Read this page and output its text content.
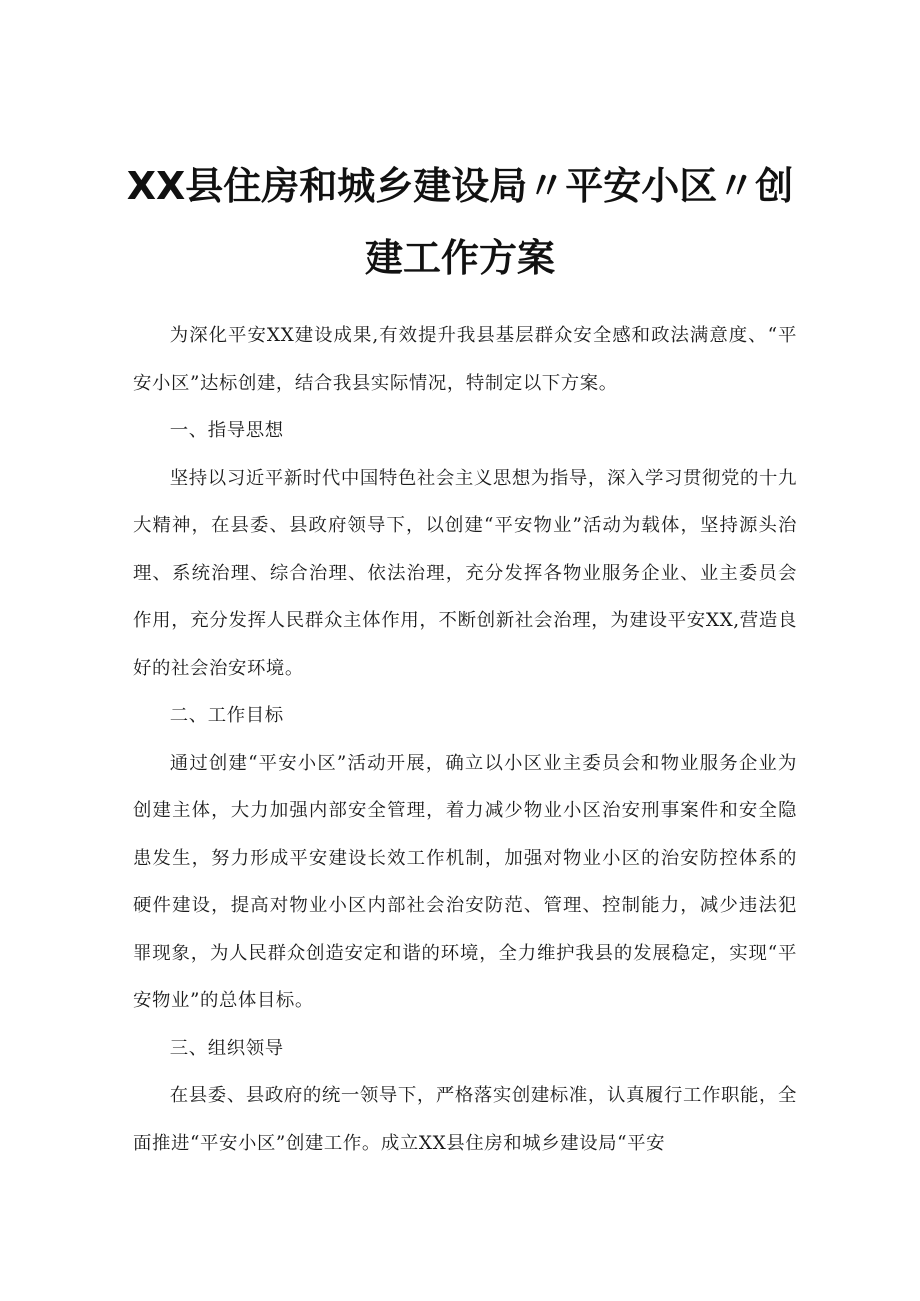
XX县住房和城乡建设局〃平安小区〃创
建工作方案

为深化平安XX建设成果,有效提升我县基层群众安全感和政法满意度、“平安小区”达标创建，结合我县实际情况，特制定以下方案。

一、指导思想

坚持以习近平新时代中国特色社会主义思想为指导，深入学习贯彻党的十九大精神，在县委、县政府领导下，以创建“平安物业”活动为载体，坚持源头治理、系统治理、综合治理、依法治理，充分发挥各物业服务企业、业主委员会作用，充分发挥人民群众主体作用，不断创新社会治理，为建设平安XX,营造良好的社会治安环境。

二、工作目标

通过创建“平安小区”活动开展，确立以小区业主委员会和物业服务企业为创建主体，大力加强内部安全管理，着力减少物业小区治安刑事案件和安全隐患发生，努力形成平安建设长效工作机制，加强对物业小区的治安防控体系的硬件建设，提高对物业小区内部社会治安防范、管理、控制能力，减少违法犯罪现象，为人民群众创造安定和谐的环境，全力维护我县的发展稳定，实现“平安物业”的总体目标。

三、组织领导

在县委、县政府的统一领导下，严格落实创建标准，认真履行工作职能，全面推进“平安小区”创建工作。成立XX县住房和城乡建设局“平安
